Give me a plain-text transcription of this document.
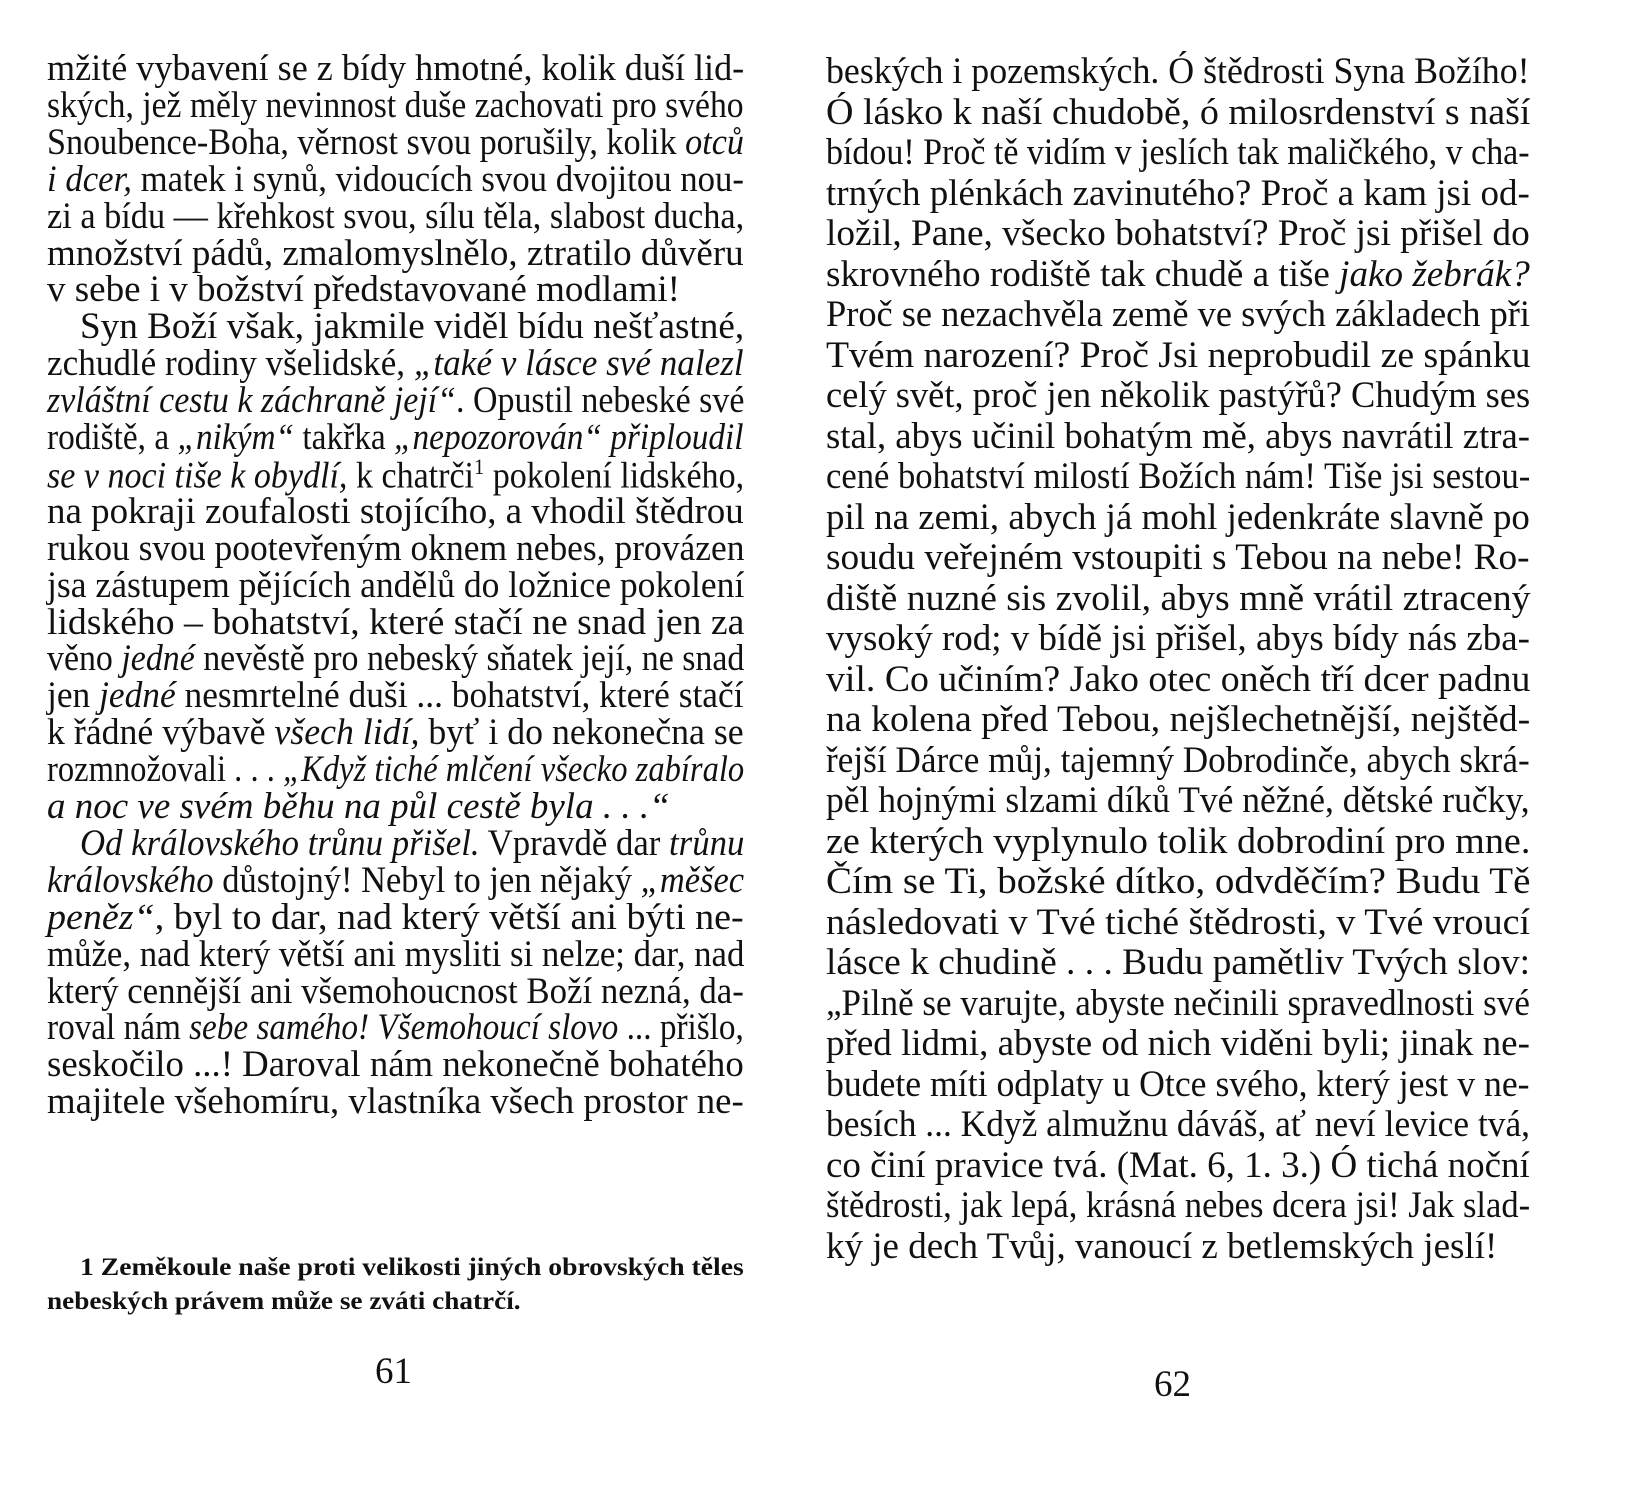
mžité vybavení se z bídy hmotné, kolik duší lid-
ských, jež měly nevinnost duše zachovati pro svého
Snoubence-Boha, věrnost svou porušily, kolik otců
i dcer, matek i synů, vidoucích svou dvojitou nou-
zi a bídu — křehkost svou, sílu těla, slabost ducha,
množství pádů, zmalomyslnělo, ztratilo důvěru
v sebe i v božství představované modlami!
Syn Boží však, jakmile viděl bídu nešťastné,
zchudlé rodiny všelidské, „také v lásce své nalezl
zvláštní cestu k záchraně její“. Opustil nebeské své
rodiště, a „nikým“ takřka „nepozorován“ připloudil
se v noci tiše k obydlí, k chatrči$^1$ pokolení lidského,
na pokraji zoufalosti stojícího, a vhodil štědrou
rukou svou pootevřeným oknem nebes, provázen
jsa zástupem pějících andělů do ložnice pokolení
lidského – bohatství, které stačí ne snad jen za
věno jedné nevěstě pro nebeský sňatek její, ne snad
jen jedné nesmrtelné duši ... bohatství, které stačí
k řádné výbavě všech lidí, byť i do nekonečna se
rozmnožovali . . . „Když tiché mlčení všecko zabíralo
a noc ve svém běhu na půl cestě byla . . .“
Od královského trůnu přišel. Vpravdě dar trůnu
královského důstojný! Nebyl to jen nějaký „měšec
peněz“, byl to dar, nad který větší ani býti ne-
může, nad který větší ani mysliti si nelze; dar, nad
který cennější ani všemohoucnost Boží nezná, da-
roval nám sebe samého! Všemohoucí slovo ... přišlo,
seskočilo ...! Daroval nám nekonečně bohatého
majitele všehomíru, vlastníka všech prostor ne-
1 Zeměkoule naše proti velikosti jiných obrovských těles
nebeských právem může se zváti chatrčí.
61
beských i pozemských. Ó štědrosti Syna Božího!
Ó lásko k naší chudobě, ó milosrdenství s naší
bídou! Proč tě vidím v jeslích tak maličkého, v cha-
trných plénkách zavinutého? Proč a kam jsi od-
ložil, Pane, všecko bohatství? Proč jsi přišel do
skrovného rodiště tak chudě a tiše jako žebrák?
Proč se nezachvěla země ve svých základech při
Tvém narození? Proč Jsi neprobudil ze spánku
celý svět, proč jen několik pastýřů? Chudým ses
stal, abys učinil bohatým mě, abys navrátil ztra-
cené bohatství milostí Božích nám! Tiše jsi sestou-
pil na zemi, abych já mohl jedenkráte slavně po
soudu veřejném vstoupiti s Tebou na nebe! Ro-
diště nuzné sis zvolil, abys mně vrátil ztracený
vysoký rod; v bídě jsi přišel, abys bídy nás zba-
vil. Co učiním? Jako otec oněch tří dcer padnu
na kolena před Tebou, nejšlechetnější, nejštěd-
řejší Dárce můj, tajemný Dobrodinče, abych skrá-
pěl hojnými slzami díků Tvé něžné, dětské ručky,
ze kterých vyplynulo tolik dobrodiní pro mne.
Čím se Ti, božské dítko, odvděčím? Budu Tě
následovati v Tvé tiché štědrosti, v Tvé vroucí
lásce k chudině . . . Budu pamětliv Tvých slov:
„Pilně se varujte, abyste nečinili spravedlnosti své
před lidmi, abyste od nich viděni byli; jinak ne-
budete míti odplaty u Otce svého, který jest v ne-
besích ... Když almužnu dáváš, ať neví levice tvá,
co činí pravice tvá. (Mat. 6, 1. 3.) Ó tichá noční
štědrosti, jak lepá, krásná nebes dcera jsi! Jak slad-
ký je dech Tvůj, vanoucí z betlemských jeslí!
62
